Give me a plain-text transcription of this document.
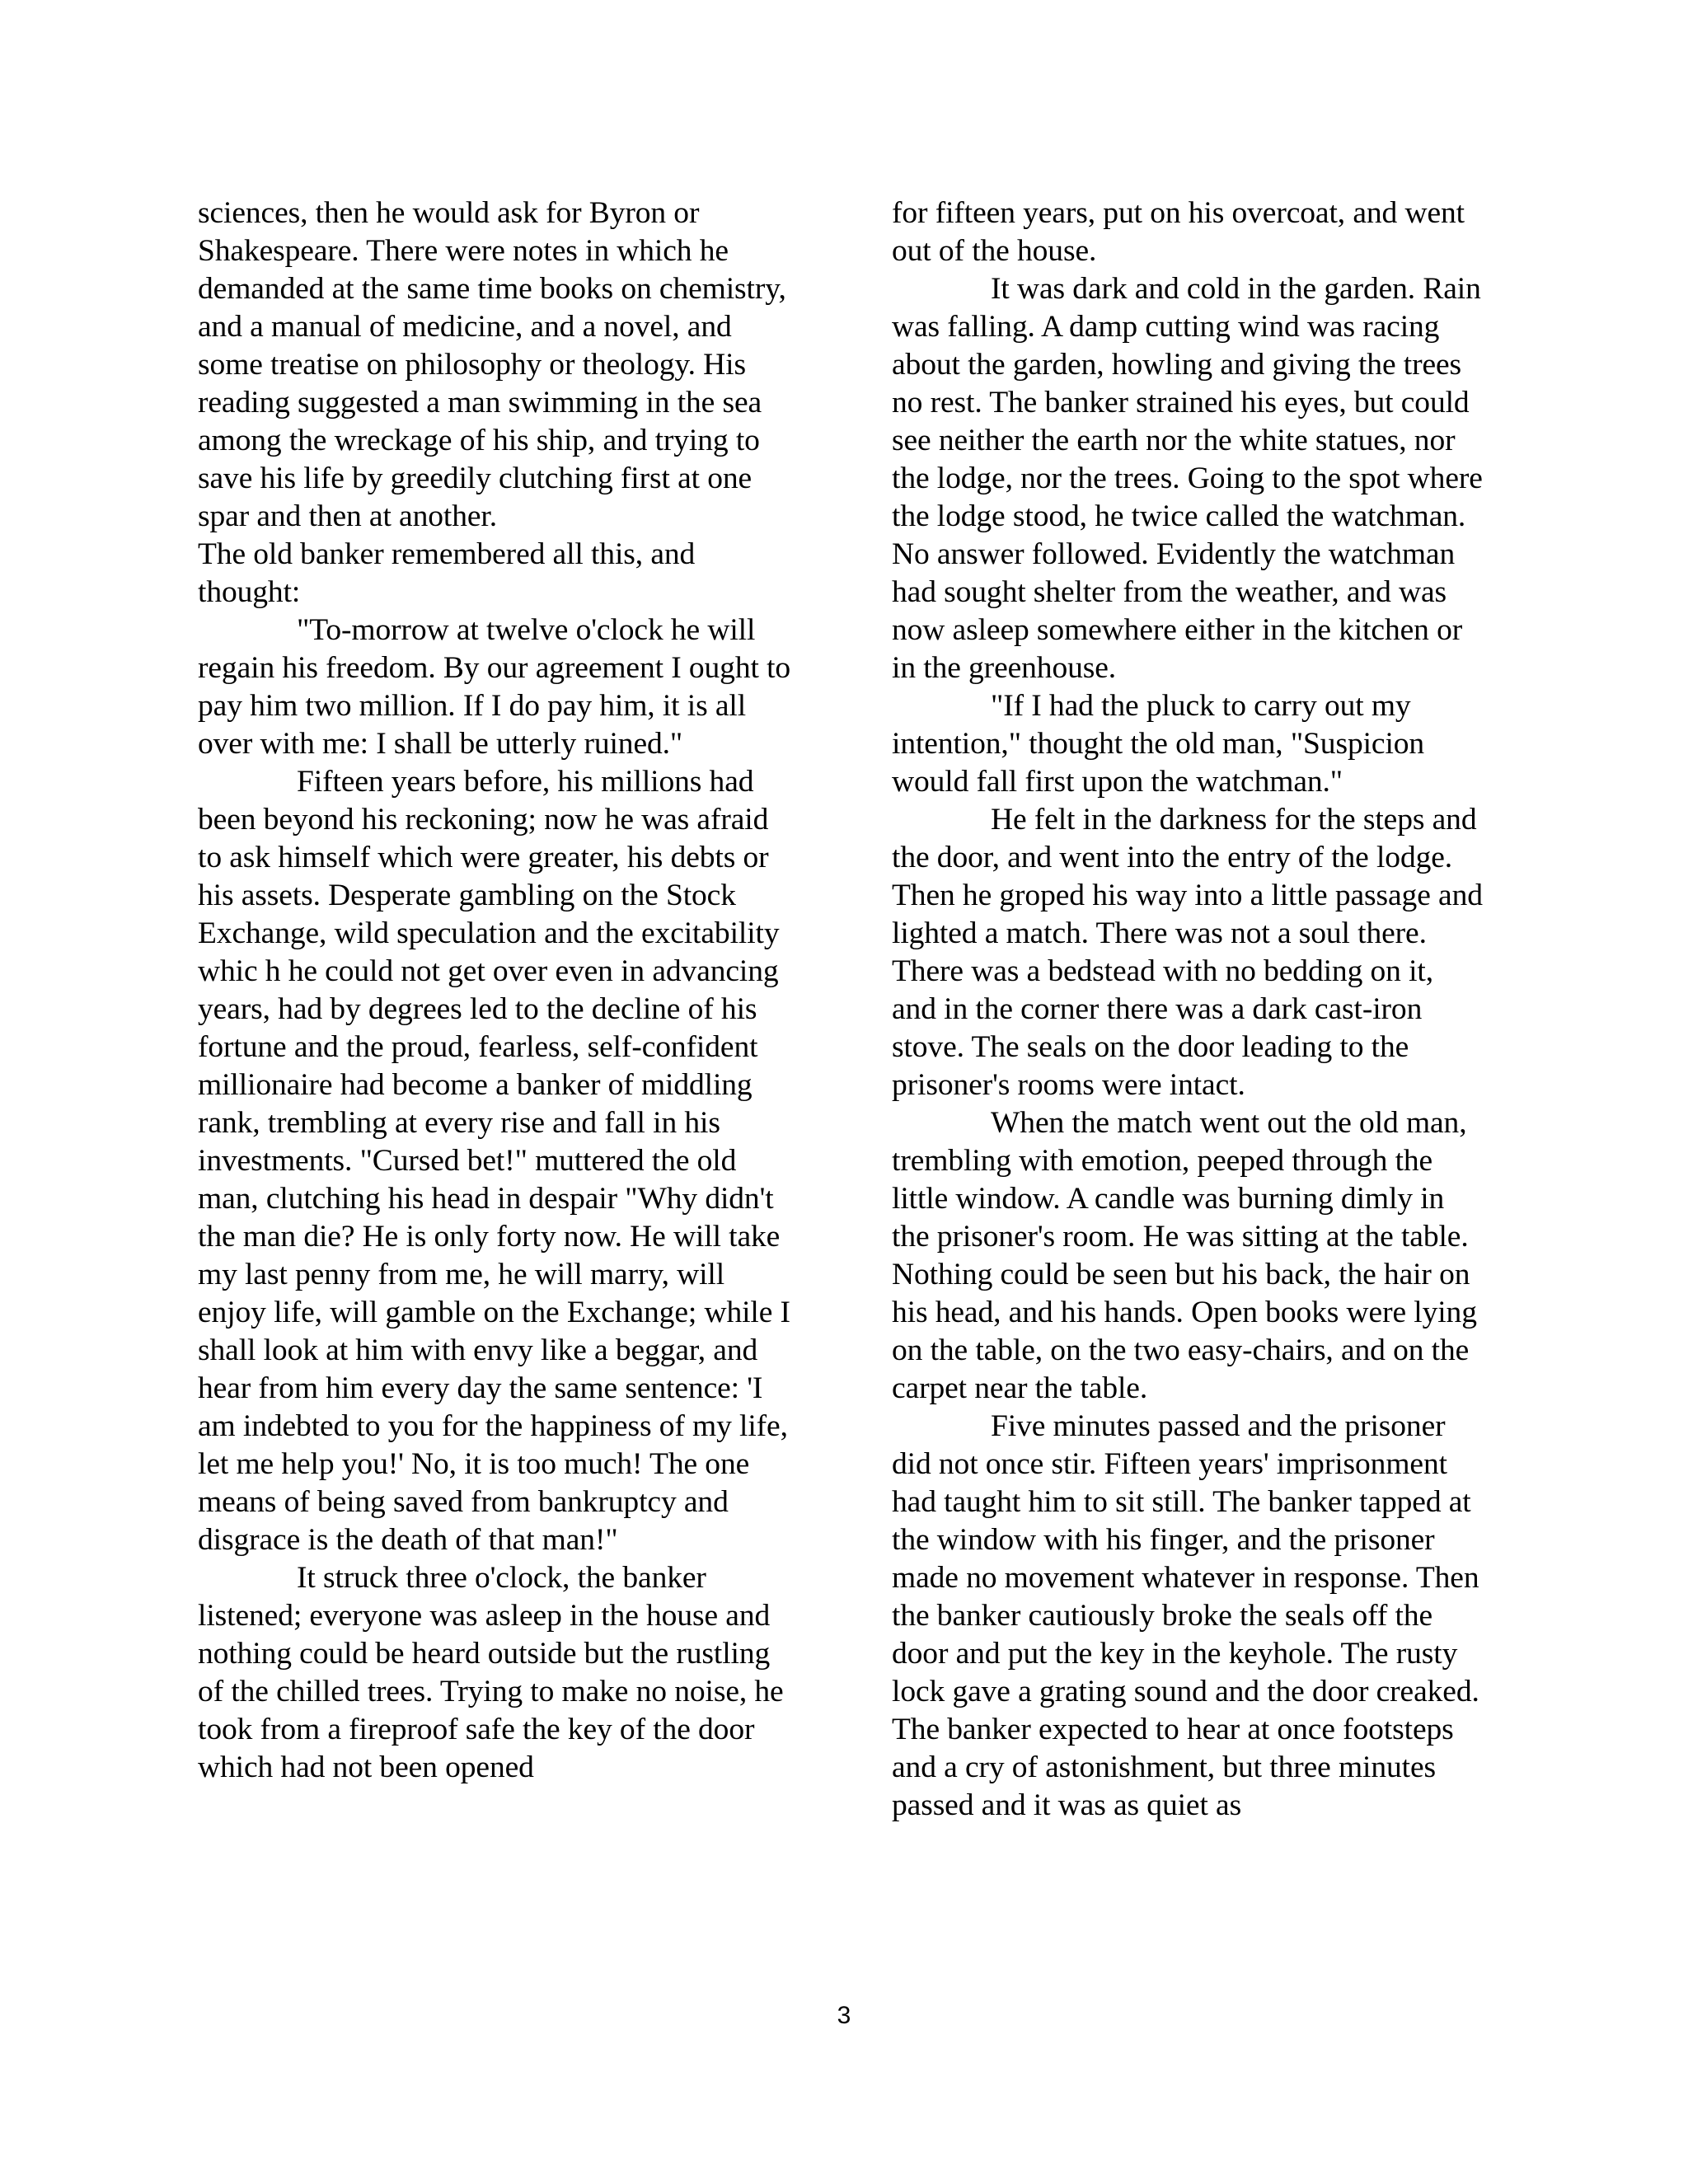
sciences, then he would ask for Byron or Shakespeare. There were notes in which he demanded at the same time books on chemistry, and a manual of medicine, and a novel, and some treatise on philosophy or theology. His reading suggested a man swimming in the sea among the wreckage of his ship, and trying to save his life by greedily clutching first at one spar and then at another.

The old banker remembered all this, and thought:

"To-morrow at twelve o'clock he will regain his freedom. By our agreement I ought to pay him two million. If I do pay him, it is all over with me: I shall be utterly ruined."

Fifteen years before, his millions had been beyond his reckoning; now he was afraid to ask himself which were greater, his debts or his assets. Desperate gambling on the Stock Exchange, wild speculation and the excitability whic h he could not get over even in advancing years, had by degrees led to the decline of his fortune and the proud, fearless, self-confident millionaire had become a banker of middling rank, trembling at every rise and fall in his investments. "Cursed bet!" muttered the old man, clutching his head in despair "Why didn't the man die? He is only forty now. He will take my last penny from me, he will marry, will enjoy life, will gamble on the Exchange; while I shall look at him with envy like a beggar, and hear from him every day the same sentence: 'I am indebted to you for the happiness of my life, let me help you!' No, it is too much! The one means of being saved from bankruptcy and disgrace is the death of that man!"

It struck three o'clock, the banker listened; everyone was asleep in the house and nothing could be heard outside but the rustling of the chilled trees. Trying to make no noise, he took from a fireproof safe the key of the door which had not been opened

for fifteen years, put on his overcoat, and went out of the house.

It was dark and cold in the garden. Rain was falling. A damp cutting wind was racing about the garden, howling and giving the trees no rest. The banker strained his eyes, but could see neither the earth nor the white statues, nor the lodge, nor the trees. Going to the spot where the lodge stood, he twice called the watchman. No answer followed. Evidently the watchman had sought shelter from the weather, and was now asleep somewhere either in the kitchen or in the greenhouse.

"If I had the pluck to carry out my intention," thought the old man, "Suspicion would fall first upon the watchman."

He felt in the darkness for the steps and the door, and went into the entry of the lodge. Then he groped his way into a little passage and lighted a match. There was not a soul there. There was a bedstead with no bedding on it, and in the corner there was a dark cast-iron stove. The seals on the door leading to the prisoner's rooms were intact.

When the match went out the old man, trembling with emotion, peeped through the little window. A candle was burning dimly in the prisoner's room. He was sitting at the table. Nothing could be seen but his back, the hair on his head, and his hands. Open books were lying on the table, on the two easy-chairs, and on the carpet near the table.

Five minutes passed and the prisoner did not once stir. Fifteen years' imprisonment had taught him to sit still. The banker tapped at the window with his finger, and the prisoner made no movement whatever in response. Then the banker cautiously broke the seals off the door and put the key in the keyhole. The rusty lock gave a grating sound and the door creaked. The banker expected to hear at once footsteps and a cry of astonishment, but three minutes passed and it was as quiet as

3
